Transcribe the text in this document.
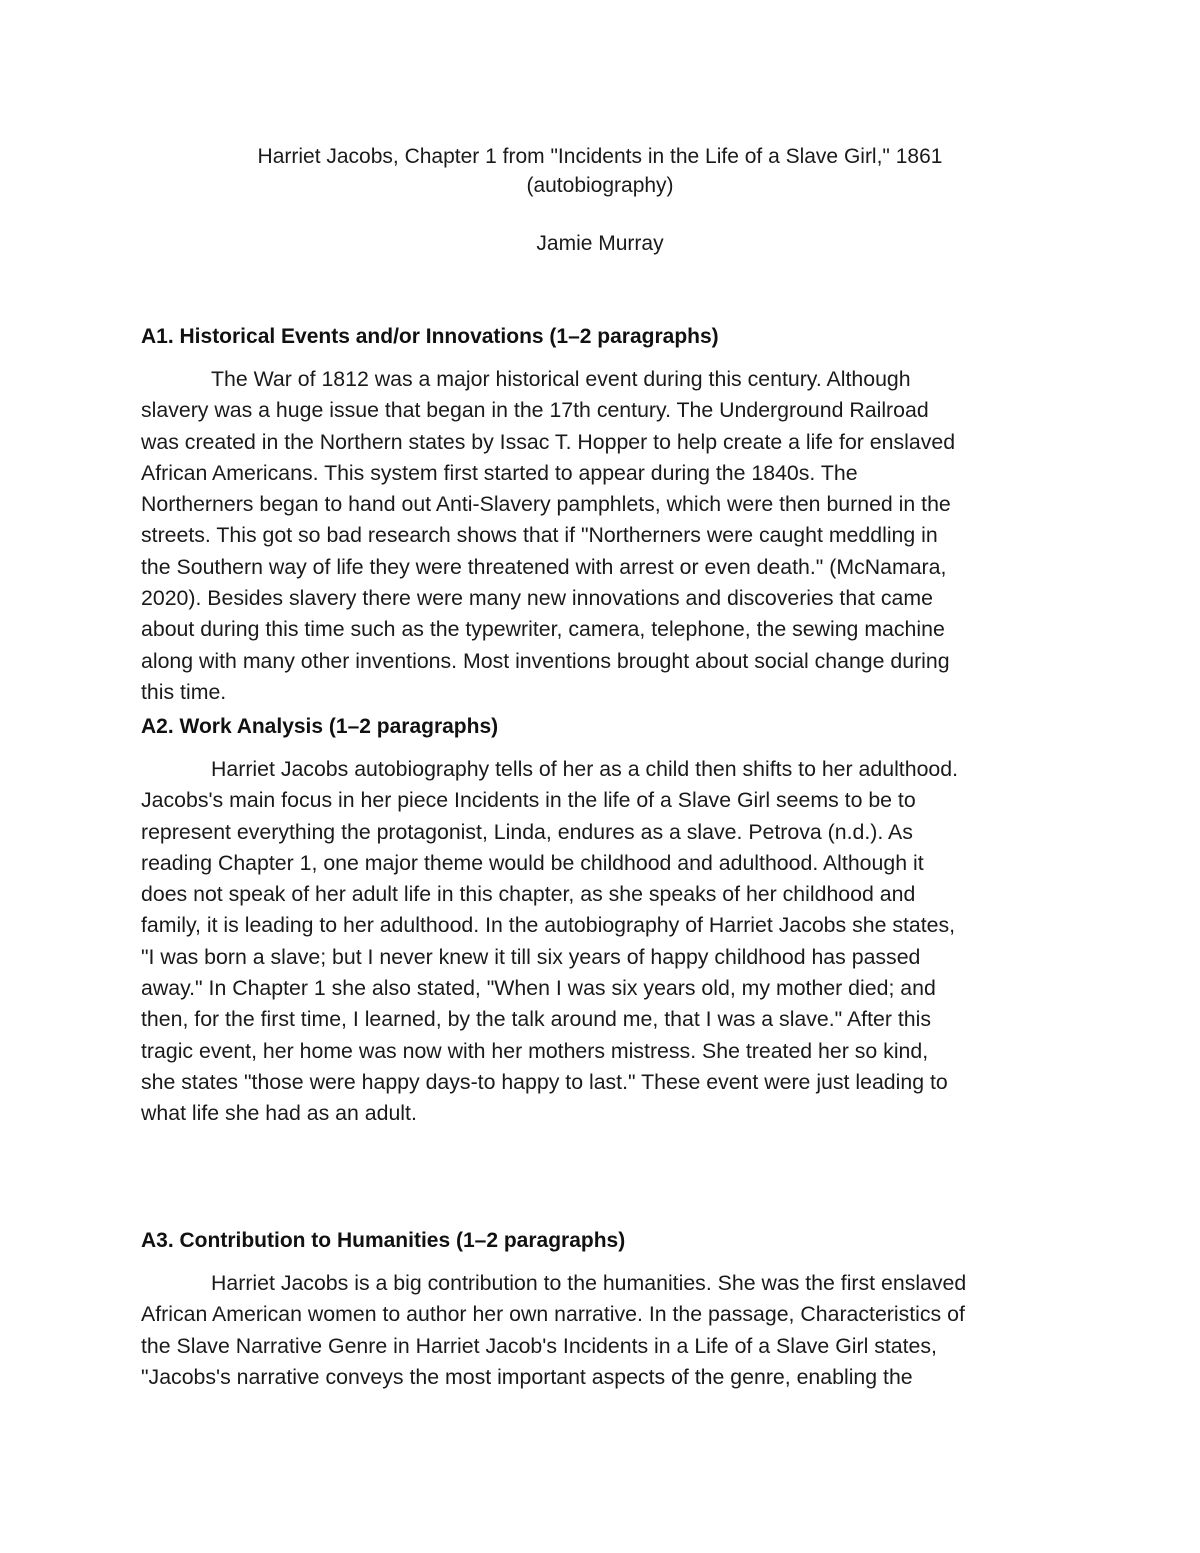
Harriet Jacobs, Chapter 1 from "Incidents in the Life of a Slave Girl," 1861
(autobiography)
Jamie Murray
A1. Historical Events and/or Innovations (1–2 paragraphs)
The War of 1812 was a major historical event during this century. Although
slavery was a huge issue that began in the 17th century. The Underground Railroad
was created in the Northern states by Issac T. Hopper to help create a life for enslaved
African Americans. This system first started to appear during the 1840s. The
Northerners began to hand out Anti-Slavery pamphlets, which were then burned in the
streets. This got so bad research shows that if "Northerners were caught meddling in
the Southern way of life they were threatened with arrest or even death." (McNamara,
2020). Besides slavery there were many new innovations and discoveries that came
about during this time such as the typewriter, camera, telephone, the sewing machine
along with many other inventions. Most inventions brought about social change during
this time.
A2. Work Analysis (1–2 paragraphs)
Harriet Jacobs autobiography tells of her as a child then shifts to her adulthood.
Jacobs's main focus in her piece Incidents in the life of a Slave Girl seems to be to
represent everything the protagonist, Linda, endures as a slave. Petrova (n.d.). As
reading Chapter 1, one major theme would be childhood and adulthood. Although it
does not speak of her adult life in this chapter, as she speaks of her childhood and
family, it is leading to her adulthood. In the autobiography of Harriet Jacobs she states,
"I was born a slave; but I never knew it till six years of happy childhood has passed
away." In Chapter 1 she also stated, "When I was six years old, my mother died; and
then, for the first time, I learned, by the talk around me, that I was a slave." After this
tragic event, her home was now with her mothers mistress. She treated her so kind,
she states "those were happy days-to happy to last." These event were just leading to
what life she had as an adult.
A3. Contribution to Humanities (1–2 paragraphs)
Harriet Jacobs is a big contribution to the humanities. She was the first enslaved
African American women to author her own narrative. In the passage, Characteristics of
the Slave Narrative Genre in Harriet Jacob's Incidents in a Life of a Slave Girl states,
"Jacobs's narrative conveys the most important aspects of the genre, enabling the
